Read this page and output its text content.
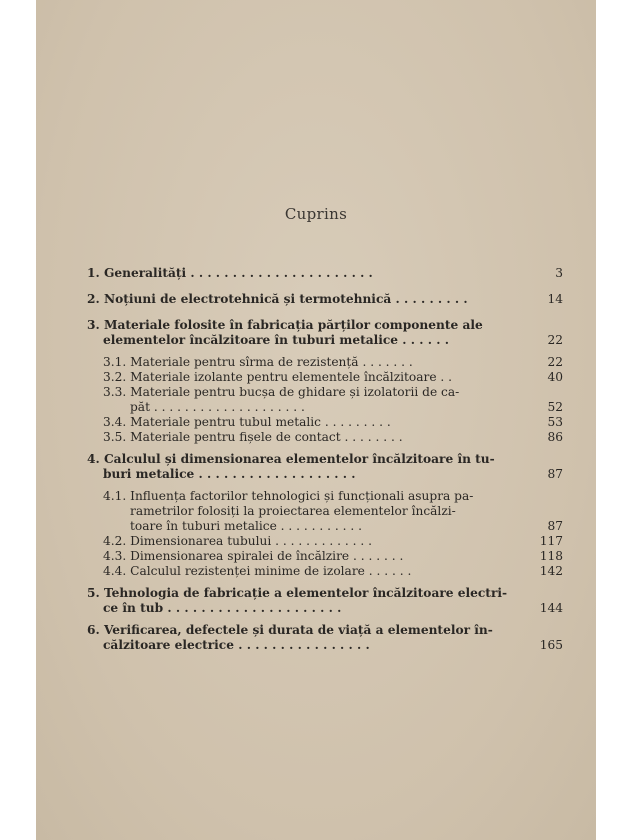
Cuprins
1. Generalități . . . . . . . . . . . . . . . . . . . . . .	3
2. Noțiuni de electrotehnică și termotehnică . . . . . . . . .	14
3. Materiale folosite în fabricația părților componente ale
elementelor încălzitoare în tuburi metalice . . . . . .	22
3.1. Materiale pentru sîrma de rezistență . . . . . . .	22
3.2. Materiale izolante pentru elementele încălzitoare . .	40
3.3. Materiale pentru bucșa de ghidare și izolatorii de ca-
păt . . . . . . . . . . . . . . . . . . . .	52
3.4. Materiale pentru tubul metalic . . . . . . . . .	53
3.5. Materiale pentru fișele de contact . . . . . . . .	86
4. Calculul și dimensionarea elementelor încălzitoare în tu-
buri metalice . . . . . . . . . . . . . . . . . . .	87
4.1. Influența factorilor tehnologici și funcționali asupra pa-
rametrilor folosiți la proiectarea elementelor încălzi-
toare în tuburi metalice . . . . . . . . . . .	87
4.2. Dimensionarea tubului . . . . . . . . . . . . .	117
4.3. Dimensionarea spiralei de încălzire . . . . . . .	118
4.4. Calculul rezistenței minime de izolare . . . . . .	142
5. Tehnologia de fabricație a elementelor încălzitoare electri-
ce în tub . . . . . . . . . . . . . . . . . . . . .	144
6. Verificarea, defectele și durata de viață a elementelor în-
călzitoare electrice . . . . . . . . . . . . . . . .	165
